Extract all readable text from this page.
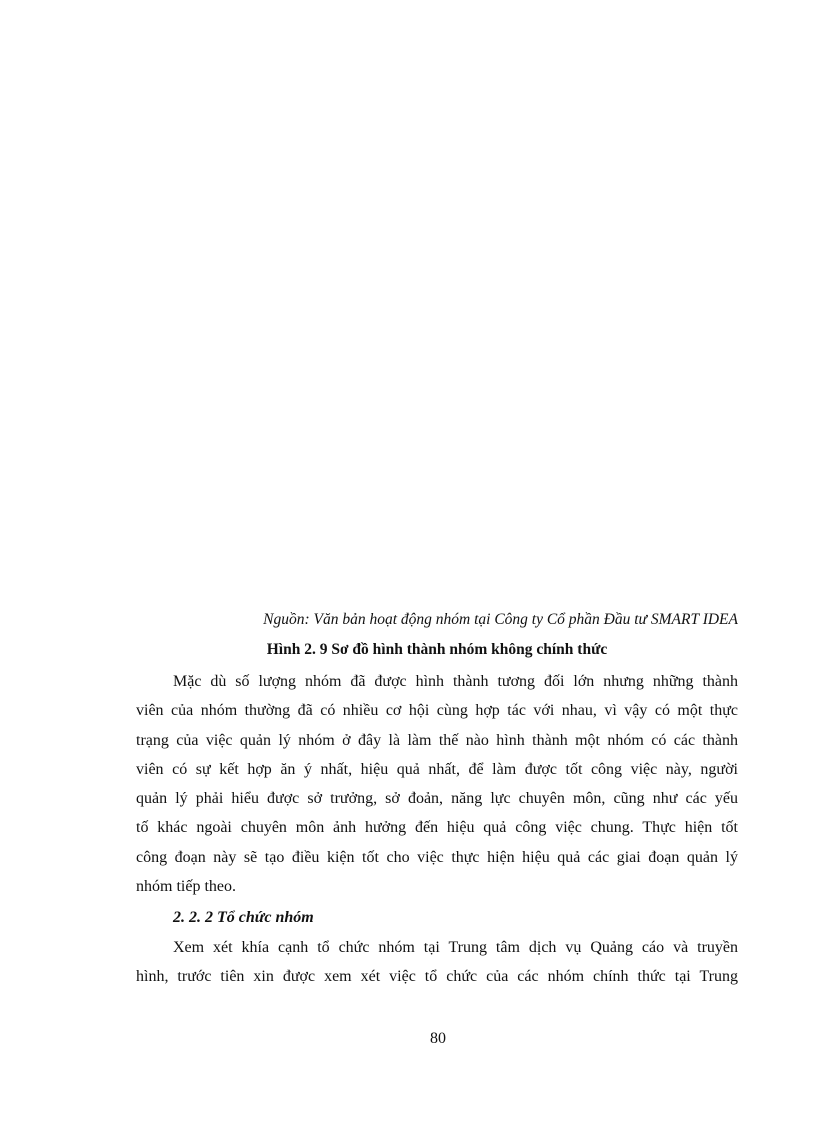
Nguồn: Văn bản hoạt động nhóm tại Công ty Cổ phần Đầu tư SMART IDEA
Hình 2. 9 Sơ đồ hình thành nhóm không chính thức
Mặc dù số lượng nhóm đã được hình thành tương đối lớn nhưng những thành
viên của nhóm thường đã có nhiều cơ hội cùng hợp tác với nhau, vì vậy có một thực
trạng của việc quản lý nhóm ở đây là làm thế nào hình thành một nhóm có các thành
viên có sự kết hợp ăn ý nhất, hiệu quả nhất, để làm được tốt công việc này, người
quản lý phải hiểu được sở trưởng, sở đoản, năng lực chuyên môn, cũng như các yếu
tố khác ngoài chuyên môn ảnh hưởng đến hiệu quả công việc chung. Thực hiện tốt
công đoạn này sẽ tạo điều kiện tốt cho việc thực hiện hiệu quả các giai đoạn quản lý
nhóm tiếp theo.
2. 2. 2 Tổ chức nhóm
Xem xét khía cạnh tổ chức nhóm tại Trung tâm dịch vụ Quảng cáo và truyền
hình, trước tiên xin được xem xét việc tổ chức của các nhóm chính thức tại Trung
80
